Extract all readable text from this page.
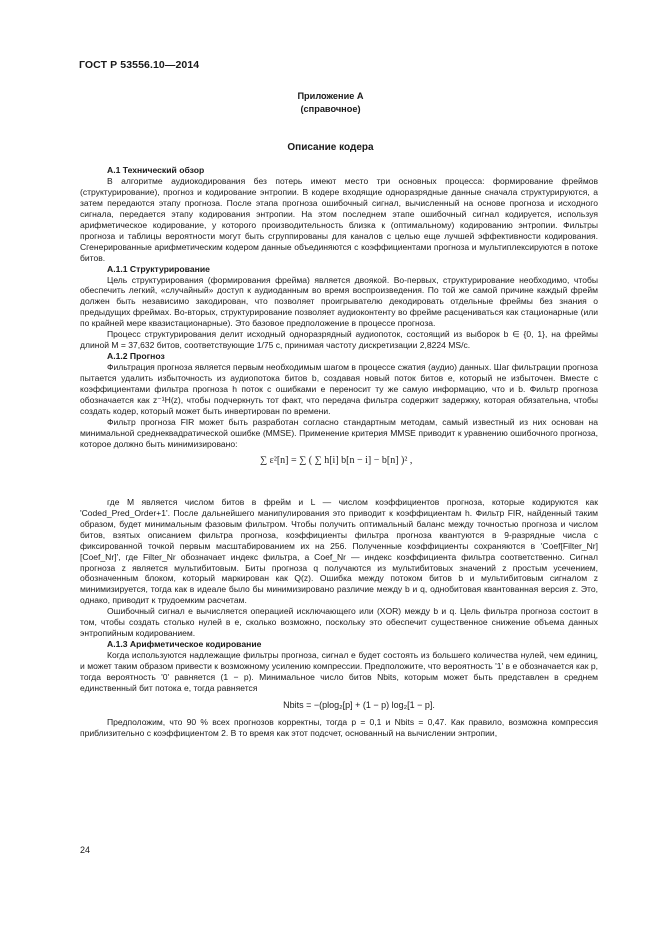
ГОСТ Р 53556.10—2014
Приложение А
(справочное)
Описание кодера
A.1 Технический обзор

В алгоритме аудиокодирования без потерь имеют место три основных процесса: формирование фреймов (структурирование), прогноз и кодирование энтропии. В кодере входящие одноразрядные данные сначала структурируются, а затем передаются этапу прогноза. После этапа прогноза ошибочный сигнал, вычисленный на основе прогноза и исходного сигнала, передается этапу кодирования энтропии. На этом последнем этапе ошибочный сигнал кодируется, используя арифметическое кодирование, у которого производительность близка к (оптимальному) кодированию энтропии. Фильтры прогноза и таблицы вероятности могут быть сгруппированы для каналов с целью еще лучшей эффективности кодирования. Сгенерированные арифметическим кодером данные объединяются с коэффициентами прогноза и мультиплексируются в потоке битов.

A.1.1 Структурирование

Цель структурирования (формирования фрейма) является двоякой. Во-первых, структурирование необходимо, чтобы обеспечить легкий, «случайный» доступ к аудиоданным во время воспроизведения. По той же самой причине каждый фрейм должен быть независимо закодирован, что позволяет проигрывателю декодировать отдельные фреймы без знания о предыдущих фреймах. Во-вторых, структурирование позволяет аудиоконтенту во фрейме расцениваться как стационарные (или по крайней мере квазистационарные). Это базовое предположение в процессе прогноза.

Процесс структурирования делит исходный одноразрядный аудиопоток, состоящий из выборок b ∈ {0, 1}, на фреймы длиной M = 37,632 битов, соответствующие 1/75 с, принимая частоту дискретизации 2,8224 MS/c.

A.1.2 Прогноз

Фильтрация прогноза является первым необходимым шагом в процессе сжатия (аудио) данных. Шаг фильтрации прогноза пытается удалить избыточность из аудиопотока битов b, создавая новый поток битов e, который не избыточен. Вместе с коэффициентами фильтра прогноза h поток с ошибками e переносит ту же самую информацию, что и b. Фильтр прогноза обозначается как z⁻¹H(z), чтобы подчеркнуть тот факт, что передача фильтра содержит задержку, которая обязательна, чтобы создать кодер, который может быть инвертирован по времени.

Фильтр прогноза FIR может быть разработан согласно стандартным методам, самый известный из них основан на минимальной среднеквадратической ошибке (MMSE). Применение критерия MMSE приводит к уравнению ошибочного прогноза, которое должно быть минимизировано:

∑ ε²[n] = ∑ ( ∑ h[i] b[n − i] − b[n] )² ,

где M является числом битов в фрейм и L — числом коэффициентов прогноза, которые кодируются как 'Coded_Pred_Order+1'. После дальнейшего манипулирования это приводит к коэффициентам h. Фильтр FIR, найденный таким образом, будет минимальным фазовым фильтром. Чтобы получить оптимальный баланс между точностью прогноза и числом битов, взятых описанием фильтра прогноза, коэффициенты фильтра прогноза квантуются в 9-разрядные числа с фиксированной точкой первым масштабированием их на 256. Полученные коэффициенты сохраняются в 'Coef[Filter_Nr] [Coef_Nr]', где Filter_Nr обозначает индекс фильтра, а Coef_Nr — индекс коэффициента фильтра соответственно. Сигнал прогноза z является мультибитовым. Биты прогноза q получаются из мультибитовых значений z простым усечением, обозначенным блоком, который маркирован как Q(z). Ошибка между потоком битов b и мультибитовым сигналом z минимизируется, тогда как в идеале было бы минимизировано различие между b и q, однобитовая квантованная версия z. Это, однако, приводит к трудоемким расчетам.

Ошибочный сигнал e вычисляется операцией исключающего или (XOR) между b и q. Цель фильтра прогноза состоит в том, чтобы создать столько нулей в e, сколько возможно, поскольку это обеспечит существенное снижение объема данных энтропийным кодированием.

A.1.3 Арифметическое кодирование

Когда используются надлежащие фильтры прогноза, сигнал e будет состоять из большего количества нулей, чем единиц, и может таким образом привести к возможному усилению компрессии. Предположите, что вероятность '1' в e обозначается как p, тогда вероятность '0' равняется (1 − p). Минимальное число битов Nbits, которым может быть представлен в среднем единственный бит потока e, тогда равняется

Nbits = −(plog₂[p] + (1 − p) log₂[1 − p].

Предположим, что 90 % всех прогнозов корректны, тогда p = 0,1 и Nbits = 0,47. Как правило, возможна компрессия приблизительно с коэффициентом 2. В то время как этот подсчет, основанный на вычислении энтропии,

24
